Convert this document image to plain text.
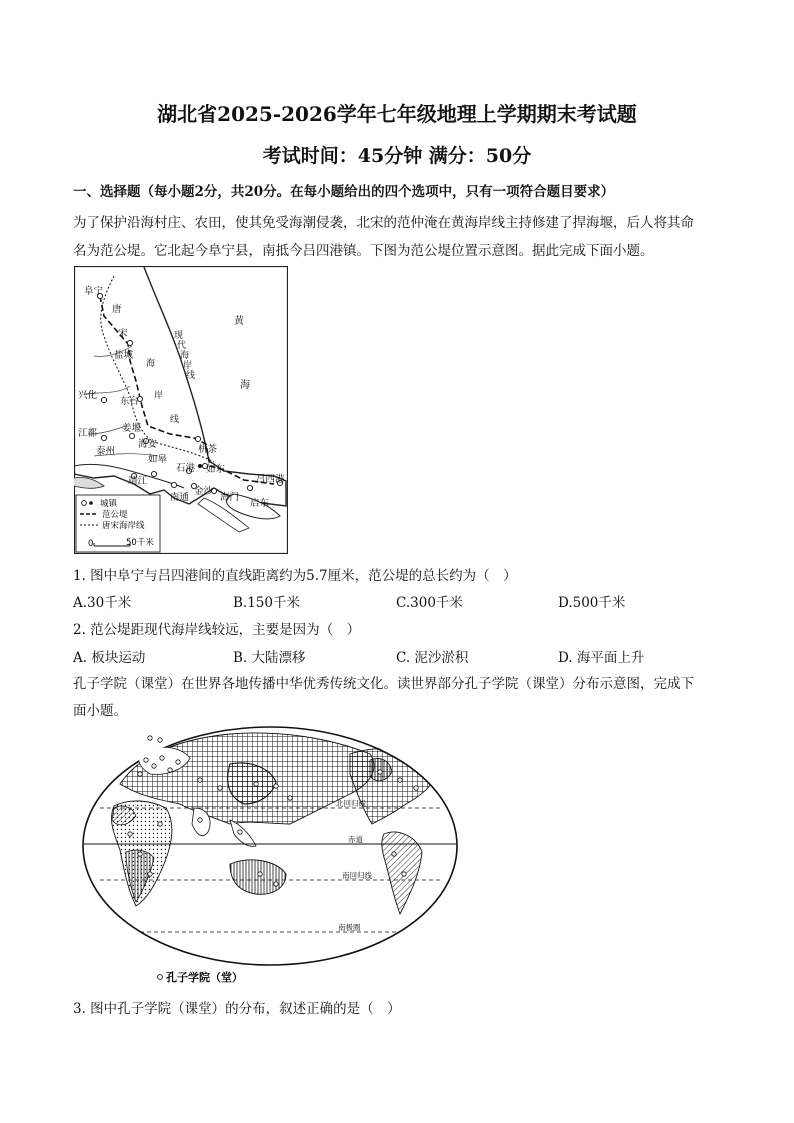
湖北省2025-2026学年七年级地理上学期期末考试题
考试时间：45分钟 满分：50分
一、选择题（每小题2分，共20分。在每小题给出的四个选项中，只有一项符合题目要求）
为了保护沿海村庄、农田，使其免受海潮侵袭，北宋的范仲淹在黄海岸线主持修建了捍海堰，后人将其命
名为范公堤。它北起今阜宁县，南抵今吕四港镇。下图为范公堤位置示意图。据此完成下面小题。
阜宁
唐
宋
盐城
兴化
东台
海安
姜堰
江都
泰州
如皋
栟茶
石港 如东
靖江
南通
金沙
海门
启东
吕四港
黄
海
现
代
海
岸
线
海
岸
线
城镇
范公堤
唐宋海岸线
0	50千米
1. 图中阜宁与吕四港间的直线距离约为5.7厘米，范公堤的总长约为（　）
A.30千米	B.150千米	C.300千米	D.500千米
2. 范公堤距现代海岸线较远，主要是因为（　）
A. 板块运动	B. 大陆漂移	C. 泥沙淤积	D. 海平面上升
孔子学院（课堂）在世界各地传播中华优秀传统文化。读世界部分孔子学院（课堂）分布示意图，完成下
面小题。
北回归线
赤道
南回归线
南极圈
孔子学院（堂）
3. 图中孔子学院（课堂）的分布，叙述正确的是（　）
